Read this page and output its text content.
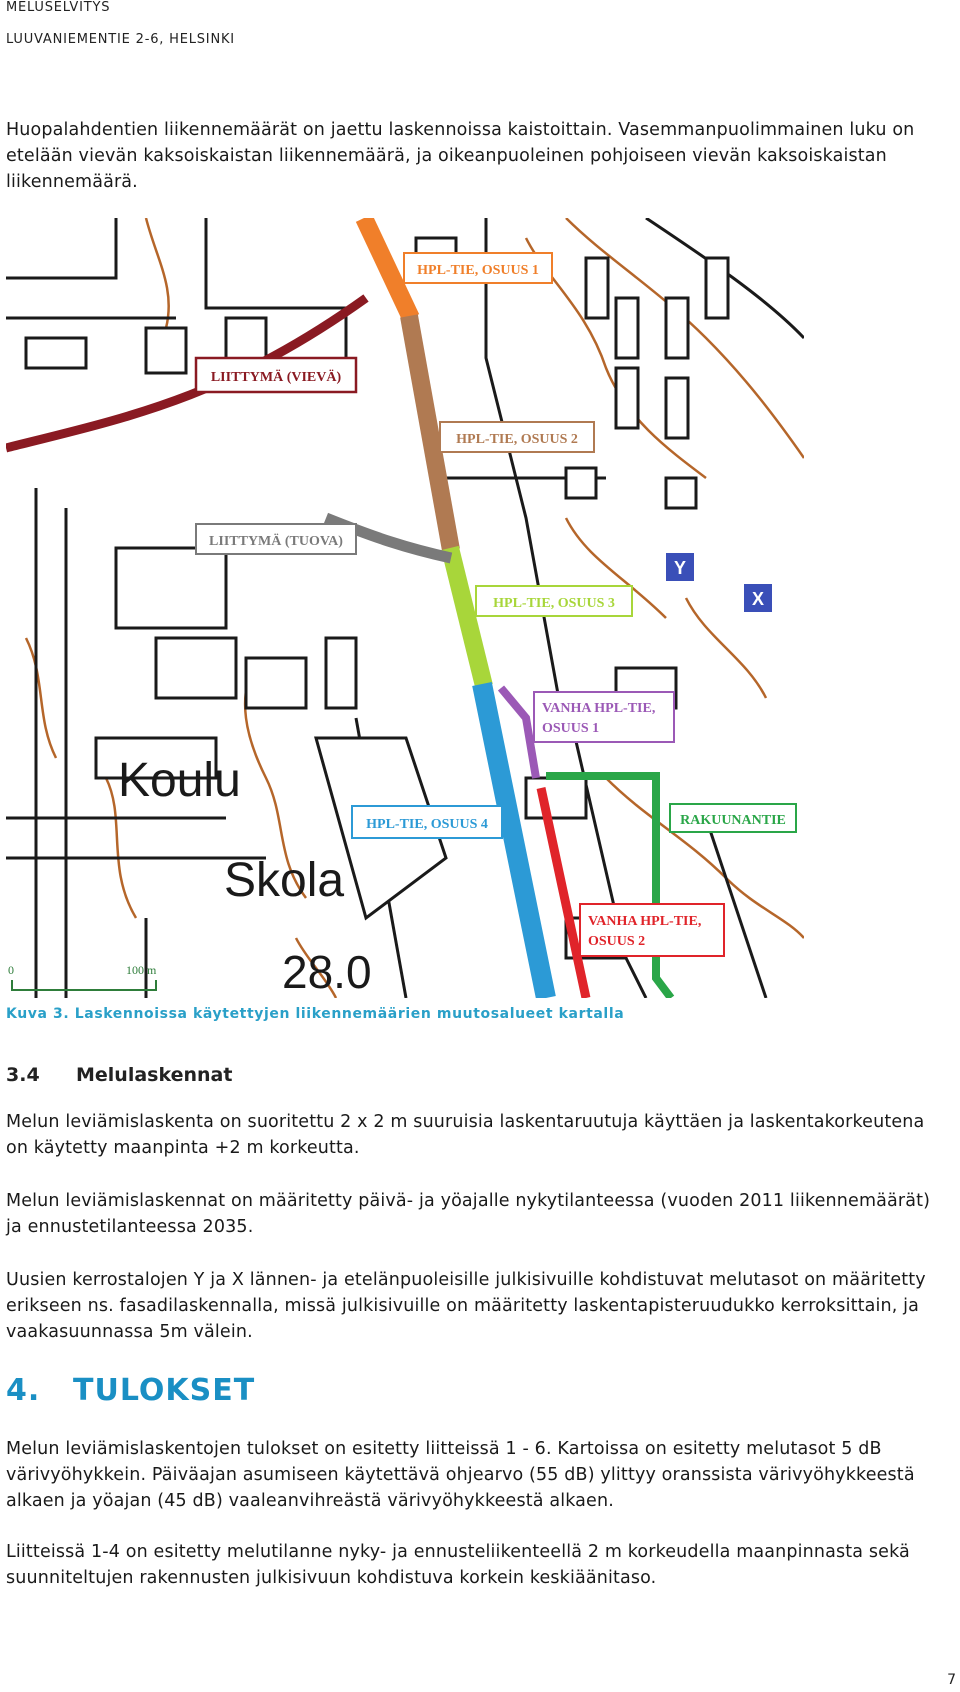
MELUSELVITYS
LUUVANIEMENTIE 2-6, HELSINKI

Huopalahdentien liikennemäärät on jaettu laskennoissa kaistoittain. Vasemmanpuolimmainen luku on etelään vievän kaksoiskaistan liikennemäärä, ja oikeanpuoleinen pohjoiseen vievän kaksoiskaistan liikennemäärä.

HPL-TIE, OSUUS 1
LIITTYMÄ (VIEVÄ)
HPL-TIE, OSUUS 2
LIITTYMÄ (TUOVA)
HPL-TIE, OSUUS 3
VANHA HPL-TIE,
OSUUS 1
RAKUUNANTIE
HPL-TIE, OSUUS 4
VANHA HPL-TIE,
OSUUS 2
Y
X
Koulu
Skola
28.0
0	100 m
Kuva 3. Laskennoissa käytettyjen liikennemäärien muutosalueet kartalla
3.4 Melulaskennat

Melun leviämislaskenta on suoritettu 2 x 2 m suuruisia laskentaruutuja käyttäen ja laskentakorkeutena on käytetty maanpinta +2 m korkeutta.

Melun leviämislaskennat on määritetty päivä- ja yöajalle nykytilanteessa (vuoden 2011 liikennemäärät) ja ennustetilanteessa 2035.

Uusien kerrostalojen Y ja X lännen- ja etelänpuoleisille julkisivuille kohdistuvat melutasot on määritetty erikseen ns. fasadilaskennalla, missä julkisivuille on määritetty laskentapisteruudukko kerroksittain, ja vaakasuunnassa 5m välein.

4. TULOKSET

Melun leviämislaskentojen tulokset on esitetty liitteissä 1 - 6. Kartoissa on esitetty melutasot 5 dB värivyöhykkein. Päiväajan asumiseen käytettävä ohjearvo (55 dB) ylittyy oranssista värivyöhykkeestä alkaen ja yöajan (45 dB) vaaleanvihreästä värivyöhykkeestä alkaen.

Liitteissä 1-4 on esitetty melutilanne nyky- ja ennusteliikenteellä 2 m korkeudella maanpinnasta sekä suunniteltujen rakennusten julkisivuun kohdistuva korkein keskiäänitaso.

7
